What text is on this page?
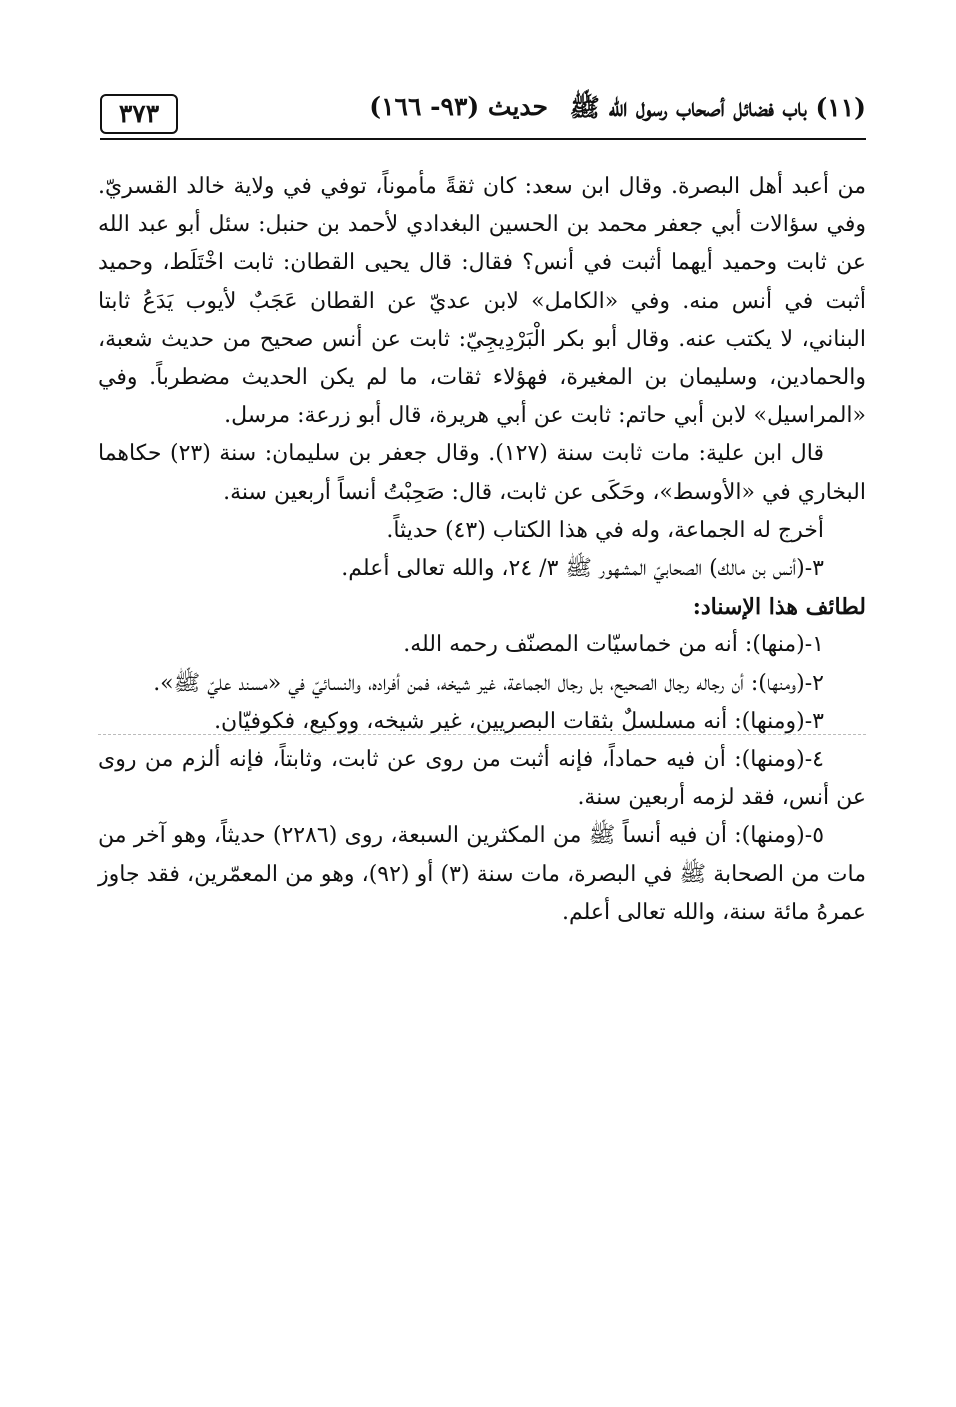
(١١) باب فضائل أصحاب رسول الله ﷺ
حديث (٩٣- ١٦٦)
٣٧٣

من أعبد أهل البصرة. وقال ابن سعد: كان ثقةً مأموناً، توفي في ولاية خالد القسريّ. وفي سؤالات أبي جعفر محمد بن الحسين البغدادي لأحمد بن حنبل: سئل أبو عبد الله عن ثابت وحميد أيهما أثبت في أنس؟ فقال: قال يحيى القطان: ثابت اخْتَلَط، وحميد أثبت في أنس منه. وفي «الكامل» لابن عديّ عن القطان عَجَبٌ لأيوب يَدَعُ ثابتا البناني، لا يكتب عنه. وقال أبو بكر الْبَرْدِيجِيّ: ثابت عن أنس صحيح من حديث شعبة، والحمادين، وسليمان بن المغيرة، فهؤلاء ثقات، ما لم يكن الحديث مضطرباً. وفي «المراسيل» لابن أبي حاتم: ثابت عن أبي هريرة، قال أبو زرعة: مرسل.

قال ابن علية: مات ثابت سنة (١٢٧). وقال جعفر بن سليمان: سنة (٢٣) حكاهما البخاري في «الأوسط»، وحَكَى عن ثابت، قال: صَحِبْتُ أنساً أربعين سنة.

أخرج له الجماعة، وله في هذا الكتاب (٤٣) حديثاً.

٣-(أنس بن مالك) الصحابيّ المشهور ﷺ ٣/ ٢٤، والله تعالى أعلم.

لطائف هذا الإسناد:

١-(منها): أنه من خماسيّات المصنّف رحمه الله.

٢-(ومنها): أن رجاله رجال الصحيح، بل رجال الجماعة، غير شيخه، فمن أفراده، والنسائيّ في «مسند عليّ ﷺ».

٣-(ومنها): أنه مسلسلٌ بثقات البصريين، غير شيخه، ووكيع، فكوفيّان.

٤-(ومنها): أن فيه حماداً، فإنه أثبت من روى عن ثابت، وثابتاً، فإنه ألزم من روى عن أنس، فقد لزمه أربعين سنة.

٥-(ومنها): أن فيه أنساً ﷺ من المكثرين السبعة، روى (٢٢٨٦) حديثاً، وهو آخر من مات من الصحابة ﷺ في البصرة، مات سنة (٣) أو (٩٢)، وهو من المعمّرين، فقد جاوز عمرهُ مائة سنة، والله تعالى أعلم.
